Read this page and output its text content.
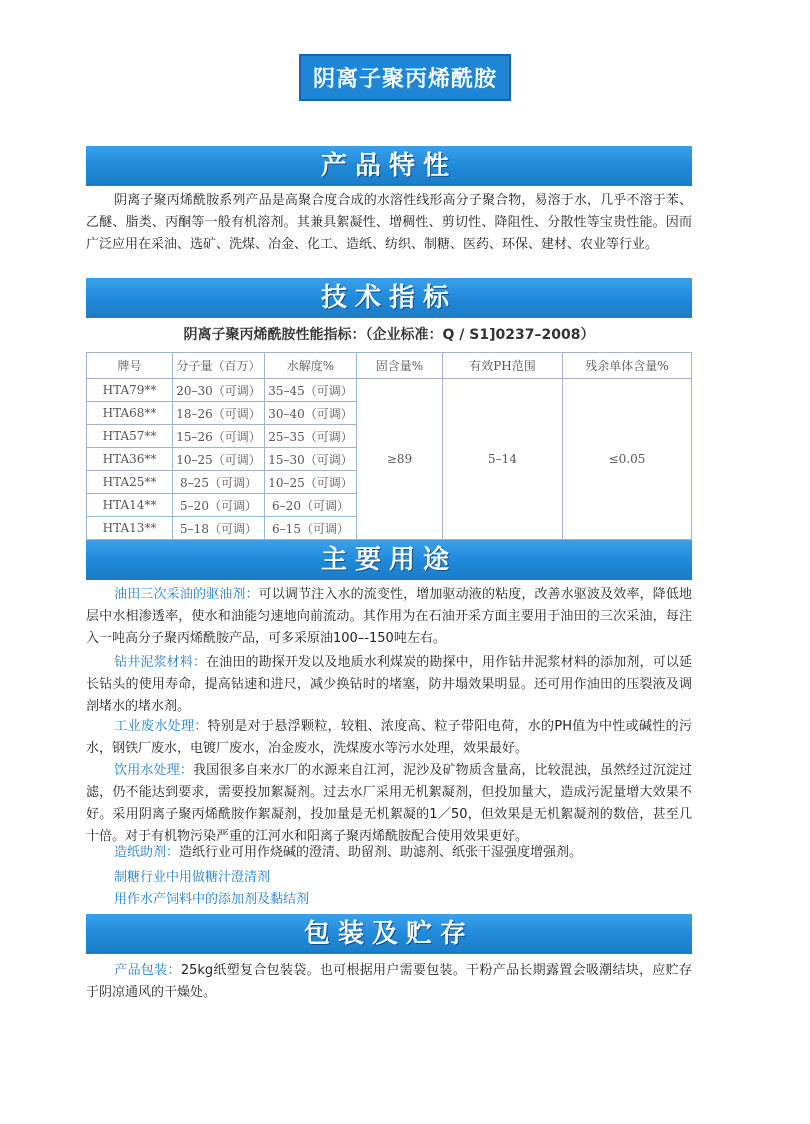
阴离子聚丙烯酰胺
产品特性
阴离子聚丙烯酰胺系列产品是高聚合度合成的水溶性线形高分子聚合物，易溶于水，几乎不溶于苯、乙醚、脂类、丙酮等一般有机溶剂。其兼具絮凝性、增稠性、剪切性、降阻性、分散性等宝贵性能。因而广泛应用在采油、选矿、洗煤、冶金、化工、造纸、纺织、制糖、医药、环保、建材、农业等行业。
技术指标
阴离子聚丙烯酰胺性能指标：（企业标准：Q / S1]0237–2008）
牌号	分子量（百万）	水解度%	固含量%	有效PH范围	残余单体含量%
HTA79**	20–30（可调）	35–45（可调）	≥89	5–14	≤0.05
HTA68**	18–26（可调）	30–40（可调）			
HTA57**	15–26（可调）	25–35（可调）			
HTA36**	10–25（可调）	15–30（可调）			
HTA25**	8–25（可调）	10–25（可调）			
HTA14**	5–20（可调）	6–20（可调）			
HTA13**	5–18（可调）	6–15（可调）			
主要用途
油田三次采油的驱油剂：可以调节注入水的流变性，增加驱动液的粘度，改善水驱波及效率，降低地层中水相渗透率，使水和油能匀速地向前流动。其作用为在石油开采方面主要用于油田的三次采油，每注入一吨高分子聚丙烯酰胺产品，可多采原油100–-150吨左右。
钻井泥浆材料：在油田的勘探开发以及地质水利煤炭的勘探中，用作钻井泥浆材料的添加剂，可以延长钻头的使用寿命，提高钻速和进尺，减少换钻时的堵塞，防井塌效果明显。还可用作油田的压裂液及调剖堵水的堵水剂。
工业废水处理：特别是对于悬浮颗粒，较粗、浓度高、粒子带阳电荷，水的PH值为中性或碱性的污水，钢铁厂废水，电镀厂废水，冶金废水，洗煤废水等污水处理，效果最好。
饮用水处理：我国很多自来水厂的水源来自江河，泥沙及矿物质含量高，比较混浊，虽然经过沉淀过滤，仍不能达到要求，需要投加絮凝剂。过去水厂采用无机絮凝剂，但投加量大，造成污泥量增大效果不好。采用阴离子聚丙烯酰胺作絮凝剂，投加量是无机絮凝的1／50，但效果是无机絮凝剂的数倍，甚至几十倍。对于有机物污染严重的江河水和阳离子聚丙烯酰胺配合使用效果更好。
造纸助剂：造纸行业可用作烧碱的澄清、助留剂、助滤剂、纸张干湿强度增强剂。
制糖行业中用做糖汁澄清剂
用作水产饲料中的添加剂及黏结剂
包装及贮存
产品包装：25kg纸塑复合包装袋。也可根据用户需要包装。干粉产品长期露置会吸潮结块，应贮存于阴凉通风的干燥处。
